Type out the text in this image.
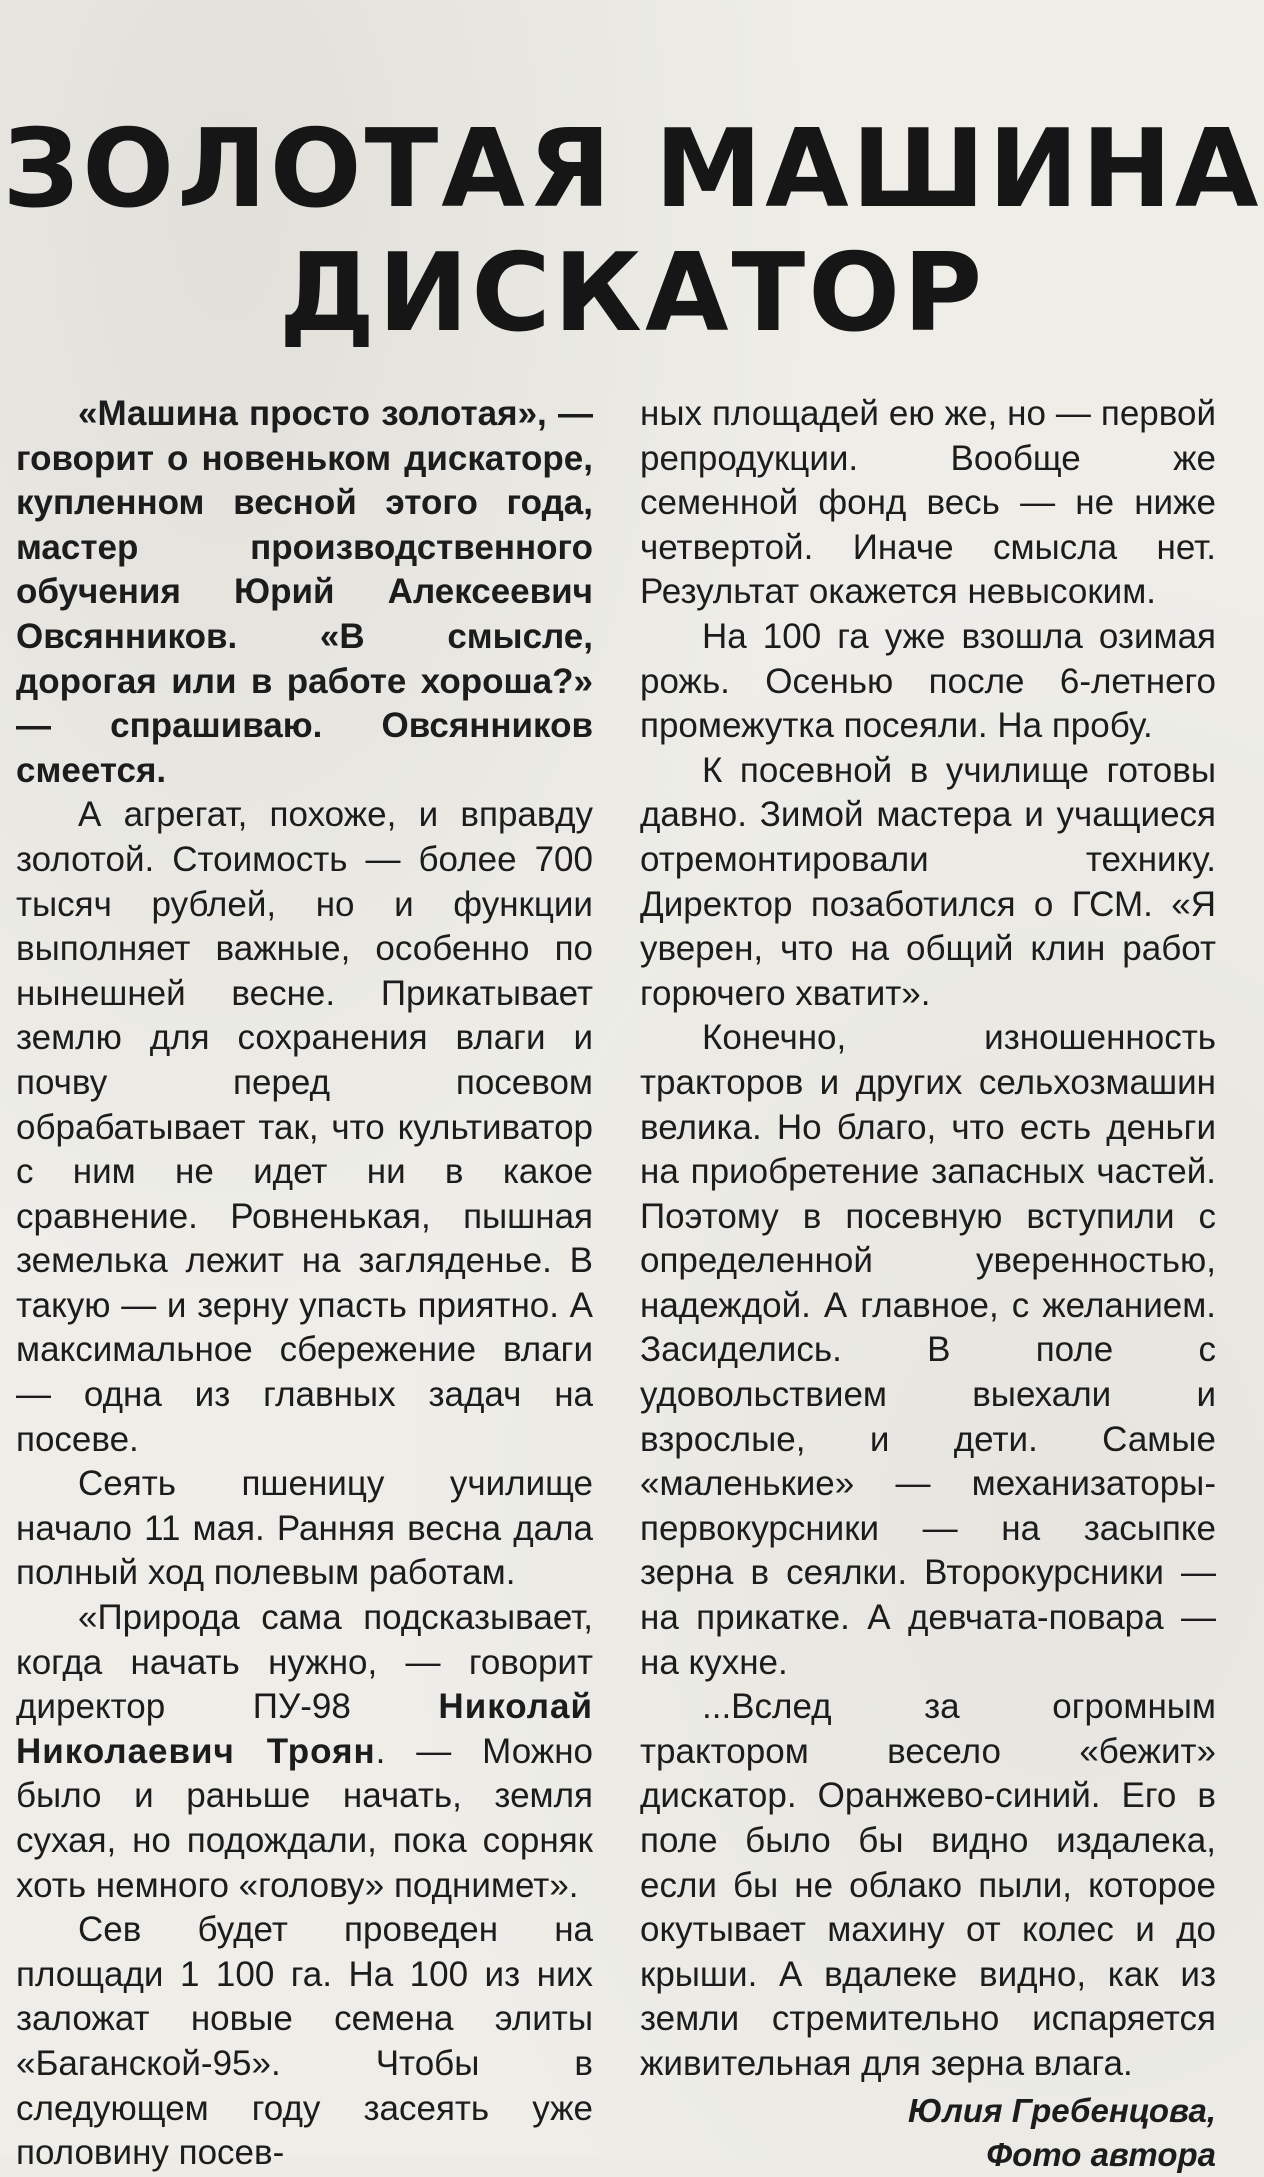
ЗОЛОТАЯ МАШИНА
ДИСКАТОР

«Машина просто золотая», — говорит о новеньком дискаторе, купленном весной этого года, мастер производственного обучения Юрий Алексеевич Овсянников. «В смысле, дорогая или в работе хороша?» — спрашиваю. Овсянников смеется.

А агрегат, похоже, и вправду золотой. Стоимость — более 700 тысяч рублей, но и функции выполняет важные, особенно по нынешней весне. Прикатывает землю для сохранения влаги и почву перед посевом обрабатывает так, что культиватор с ним не идет ни в какое сравнение. Ровненькая, пышная земелька лежит на загляденье. В такую — и зерну упасть приятно. А максимальное сбережение влаги — одна из главных задач на посеве.

Сеять пшеницу училище начало 11 мая. Ранняя весна дала полный ход полевым работам.

«Природа сама подсказывает, когда начать нужно, — говорит директор ПУ-98 Николай Николаевич Троян. — Можно было и раньше начать, земля сухая, но подождали, пока сорняк хоть немного «голову» поднимет».

Сев будет проведен на площади 1 100 га. На 100 из них заложат новые семена элиты «Баганской-95». Чтобы в следующем году засеять уже половину посев-

ных площадей ею же, но — первой репродукции. Вообще же семенной фонд весь — не ниже четвертой. Иначе смысла нет. Результат окажется невысоким.

На 100 га уже взошла озимая рожь. Осенью после 6-летнего промежутка посеяли. На пробу.

К посевной в училище готовы давно. Зимой мастера и учащиеся отремонтировали технику. Директор позаботился о ГСМ. «Я уверен, что на общий клин работ горючего хватит».

Конечно, изношенность тракторов и других сельхозмашин велика. Но благо, что есть деньги на приобретение запасных частей. Поэтому в посевную вступили с определенной уверенностью, надеждой. А главное, с желанием. Засиделись. В поле с удовольствием выехали и взрослые, и дети. Самые «маленькие» — механизаторы-первокурсники — на засыпке зерна в сеялки. Второкурсники — на прикатке. А девчата-повара — на кухне.

...Вслед за огромным трактором весело «бежит» дискатор. Оранжево-синий. Его в поле было бы видно издалека, если бы не облако пыли, которое окутывает махину от колес и до крыши. А вдалеке видно, как из земли стремительно испаряется живительная для зерна влага.

Юлия Гребенцова,
Фото автора
